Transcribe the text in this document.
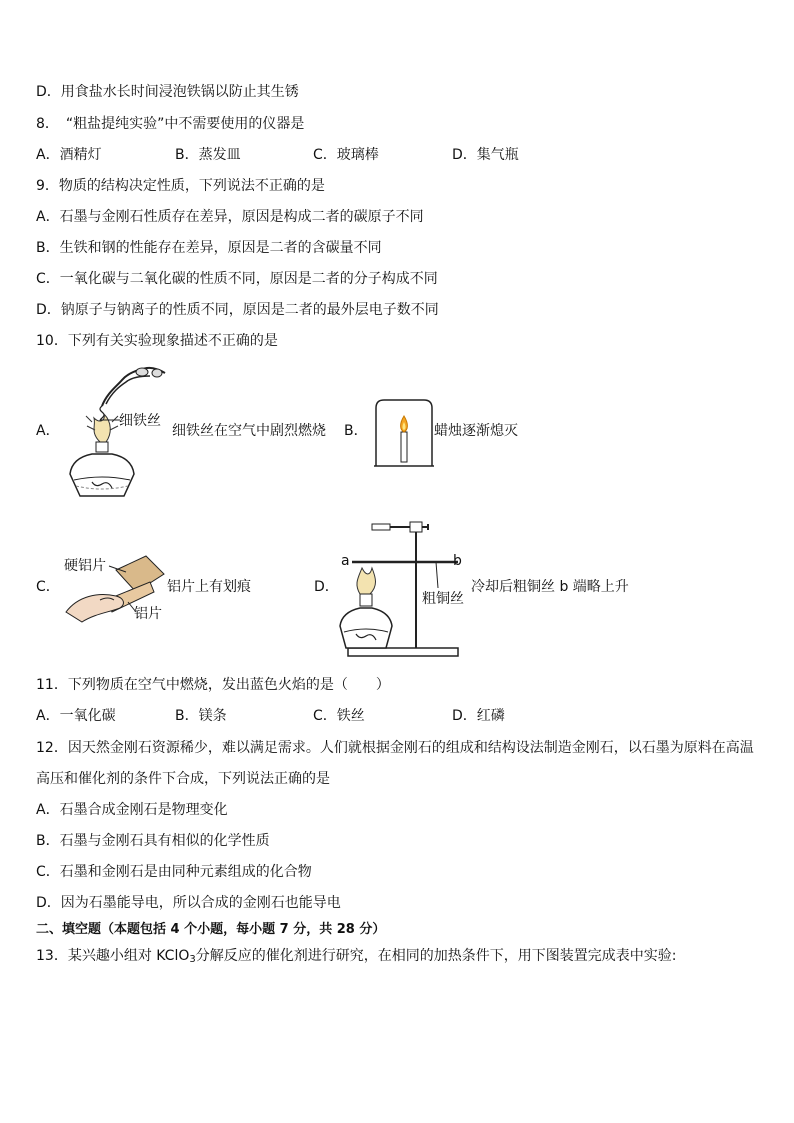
D．用食盐水长时间浸泡铁锅以防止其生锈
8．　“粗盐提纯实验”中不需要使用的仪器是
A．酒精灯	B．蒸发皿	C．玻璃棒	D．集气瓶
9．物质的结构决定性质，下列说法不正确的是
A．石墨与金刚石性质存在差异，原因是构成二者的碳原子不同
B．生铁和钢的性能存在差异，原因是二者的含碳量不同
C．一氧化碳与二氧化碳的性质不同，原因是二者的分子构成不同
D．钠原子与钠离子的性质不同，原因是二者的最外层电子数不同
10．下列有关实验现象描述不正确的是
A．
细铁丝
细铁丝在空气中剧烈燃烧 B．	蜡烛逐渐熄灭
C．
硬铝片
铝片
铝片上有划痕	D．
a	b
粗铜丝
冷却后粗铜丝 b 端略上升
11．下列物质在空气中燃烧，发出蓝色火焰的是（　　）
A．一氧化碳	B．镁条	C．铁丝	D．红磷
12．因天然金刚石资源稀少，难以满足需求。人们就根据金刚石的组成和结构设法制造金刚石，以石墨为原料在高温
高压和催化剂的条件下合成，下列说法正确的是
A．石墨合成金刚石是物理变化
B．石墨与金刚石具有相似的化学性质
C．石墨和金刚石是由同种元素组成的化合物
D．因为石墨能导电，所以合成的金刚石也能导电
二、填空题（本题包括 4 个小题，每小题 7 分，共 28 分）
13．某兴趣小组对 KClO$_3$分解反应的催化剂进行研究，在相同的加热条件下，用下图装置完成表中实验:
